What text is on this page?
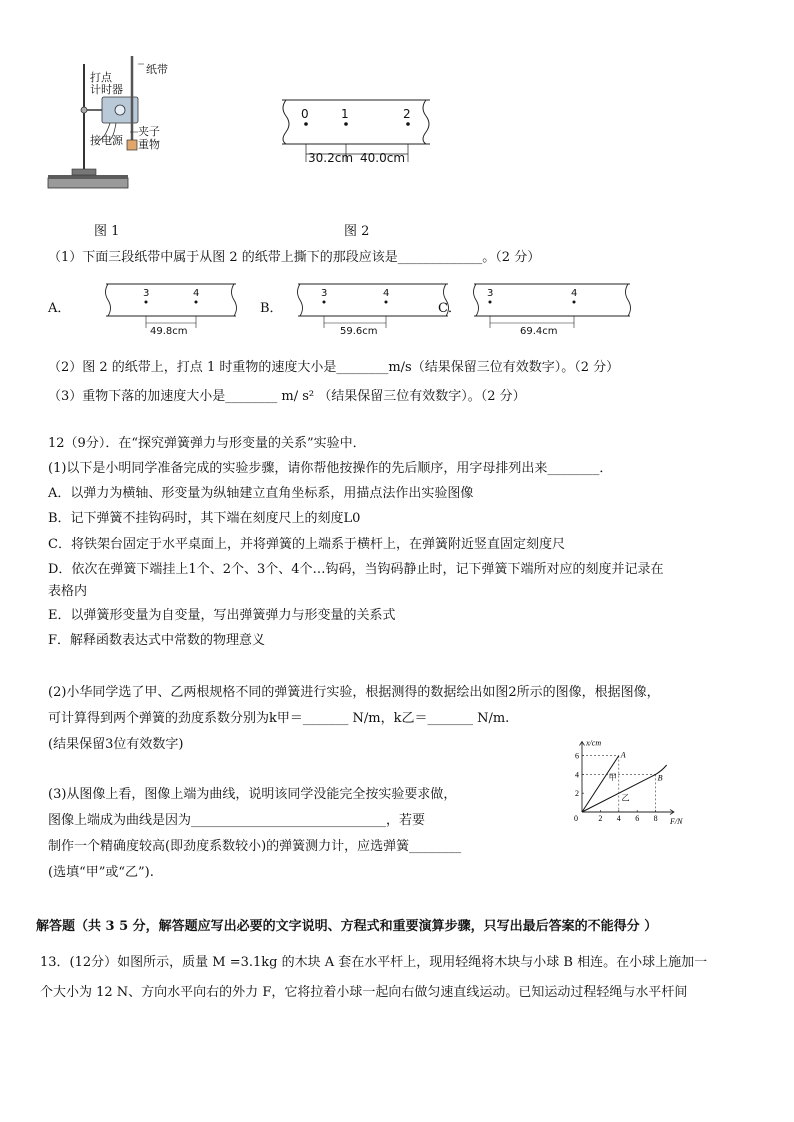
打点
计时器
纸带
接电源
夹子
重物
图 1
0	1	2
30.2cm 40.0cm
图 2
（1）下面三段纸带中属于从图 2 的纸带上撕下的那段应该是_____________。（2 分）
A．
3	4
49.8cm
B．
3	4
59.6cm
C．
3	4
69.4cm
（2）图 2 的纸带上，打点 1 时重物的速度大小是________m/s（结果保留三位有效数字）。（2 分）
（3）重物下落的加速度大小是________ m/ s² （结果保留三位有效数字）。（2 分）
12（9分）．在“探究弹簧弹力与形变量的关系”实验中．
(1)以下是小明同学准备完成的实验步骤，请你帮他按操作的先后顺序，用字母排列出来________．
A．以弹力为横轴、形变量为纵轴建立直角坐标系，用描点法作出实验图像
B．记下弹簧不挂钩码时，其下端在刻度尺上的刻度L0
C．将铁架台固定于水平桌面上，并将弹簧的上端系于横杆上，在弹簧附近竖直固定刻度尺
D．依次在弹簧下端挂上1个、2个、3个、4个…钩码，当钩码静止时，记下弹簧下端所对应的刻度并记录在
表格内
E．以弹簧形变量为自变量，写出弹簧弹力与形变量的关系式
F．解释函数表达式中常数的物理意义
(2)小华同学选了甲、乙两根规格不同的弹簧进行实验，根据测得的数据绘出如图2所示的图像，根据图像，
可计算得到两个弹簧的劲度系数分别为k甲＝_______ N/m，k乙＝_______ N/m.
(结果保留3位有效数字)
(3)从图像上看，图像上端为曲线，说明该同学没能完全按实验要求做，
图像上端成为曲线是因为______________________________，若要
制作一个精确度较高(即劲度系数较小)的弹簧测力计，应选弹簧________
(选填“甲”或“乙”).
2 4 6 8
2
4
6
0
x/cm
F/N
A
甲	B
乙
解答题（共 3 5 分，解答题应写出必要的文字说明、方程式和重要演算步骤，只写出最后答案的不能得分 ）
13．(12分）如图所示，质量 M =3.1kg 的木块 A 套在水平杆上，现用轻绳将木块与小球 B 相连。在小球上施加一
个大小为 12 N、方向水平向右的外力 F，它将拉着小球一起向右做匀速直线运动。已知运动过程轻绳与水平杆间
